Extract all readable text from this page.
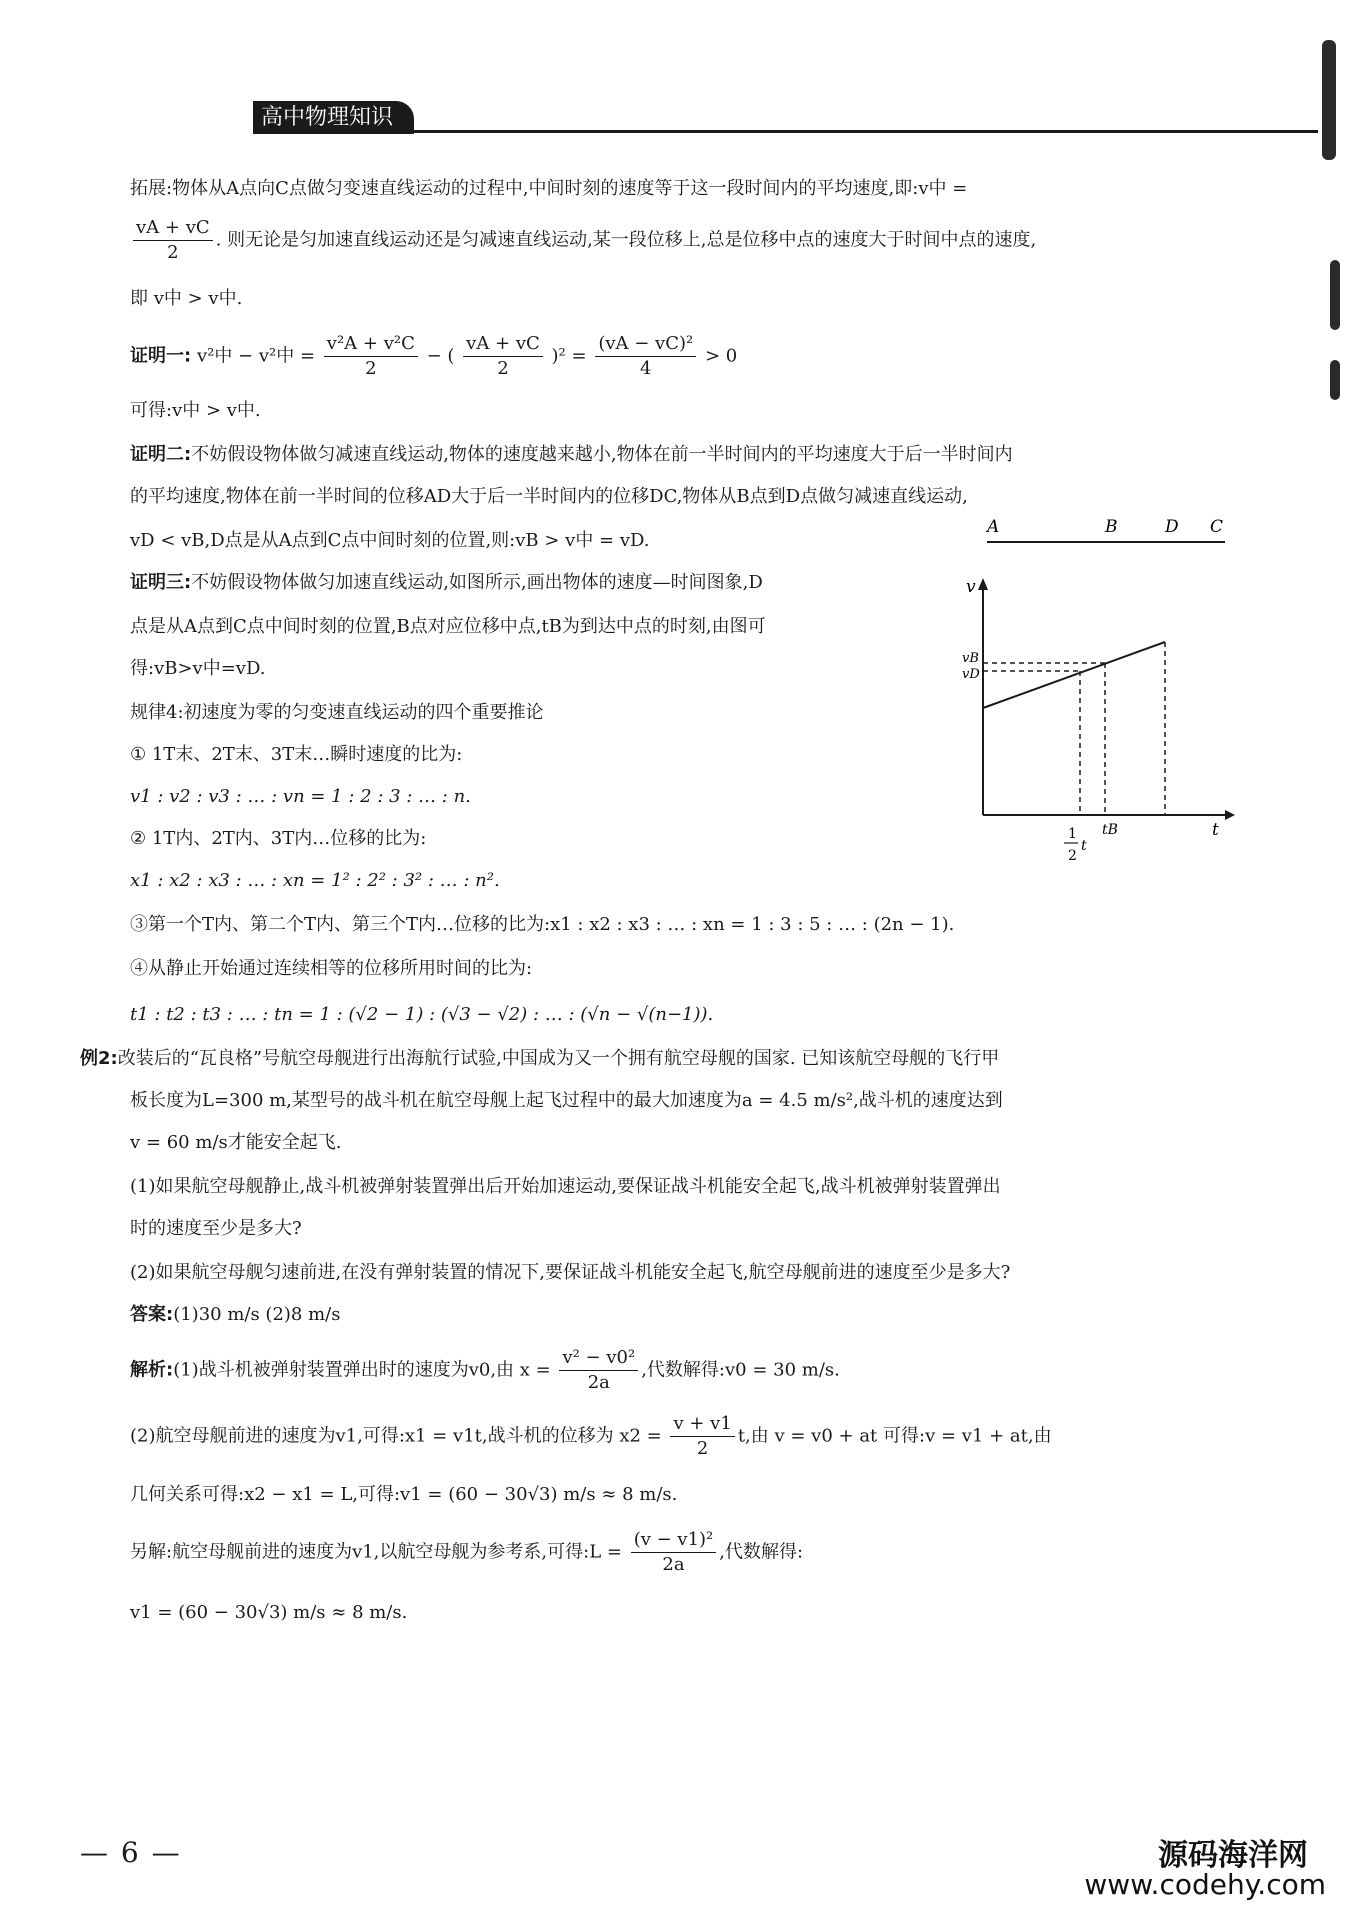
高中物理知识
拓展:物体从A点向C点做匀变速直线运动的过程中,中间时刻的速度等于这一段时间内的平均速度,即:v中 =
$\frac{vA + vC}{2}$ . 则无论是匀加速直线运动还是匀减速直线运动,某一段位移上,总是位移中点的速度大于时间中点的速度,
即 v中 > v中.
证明一: v²中 − v²中 = $\frac{\text{v²A + v²C}}{2}$ − ( $\frac{vA + vC}{2} )^2 = \frac{\text{(vA − vC)²}}{4} > 0$
可得:v中 > v中.
证明二:不妨假设物体做匀减速直线运动,物体的速度越来越小,物体在前一半时间内的平均速度大于后一半时间内
的平均速度,物体在前一半时间的位移AD大于后一半时间内的位移DC,物体从B点到D点做匀减速直线运动,
vD < vB,D点是从A点到C点中间时刻的位置,则:vB > v中 = vD.
A	B	D C
证明三:不妨假设物体做匀加速直线运动,如图所示,画出物体的速度—时间图象,D
点是从A点到C点中间时刻的位置,B点对应位移中点,tB为到达中点的时刻,由图可
得:vB>v中=vD.
v
t
vB
vD
1
2
t
tB
规律4:初速度为零的匀变速直线运动的四个重要推论
① 1T末、2T末、3T末…瞬时速度的比为:
v1 : v2 : v3 : … : vn = 1 : 2 : 3 : … : n.
② 1T内、2T内、3T内…位移的比为:
x1 : x2 : x3 : … : xn = 1² : 2² : 3² : … : n².
③第一个T内、第二个T内、第三个T内…位移的比为:x1 : x2 : x3 : … : xn = 1 : 3 : 5 : … : (2n − 1).
④从静止开始通过连续相等的位移所用时间的比为:
t1 : t2 : t3 : … : tn = 1 : (√2 − 1) : (√3 − √2) : … : (√n − √(n−1)).
例2:改装后的“瓦良格”号航空母舰进行出海航行试验,中国成为又一个拥有航空母舰的国家. 已知该航空母舰的飞行甲
板长度为L=300 m,某型号的战斗机在航空母舰上起飞过程中的最大加速度为a = 4.5 m/s²,战斗机的速度达到
v = 60 m/s才能安全起飞.
(1)如果航空母舰静止,战斗机被弹射装置弹出后开始加速运动,要保证战斗机能安全起飞,战斗机被弹射装置弹出
时的速度至少是多大?
(2)如果航空母舰匀速前进,在没有弹射装置的情况下,要保证战斗机能安全起飞,航空母舰前进的速度至少是多大?
答案:(1)30 m/s (2)8 m/s
解析:(1)战斗机被弹射装置弹出时的速度为v0,由 $x = \frac{\text{v² − v0²}}{2a}$ ,代数解得:v0 = 30 m/s.
(2)航空母舰前进的速度为v1,可得:x1 = v1t,战斗机的位移为 $x2 = \frac{v + v1}{2} t$,由 v = v0 + at 可得:v = v1 + at,由
几何关系可得:x2 − x1 = L,可得:v1 = (60 − 30√3) m/s ≈ 8 m/s.
另解:航空母舰前进的速度为v1,以航空母舰为参考系,可得:L = $\frac{\text{(v − v1)²}}{2a}$ ,代数解得:
v1 = (60 − 30√3) m/s ≈ 8 m/s.
— 6 —	源码海洋网
www.codehy.com
